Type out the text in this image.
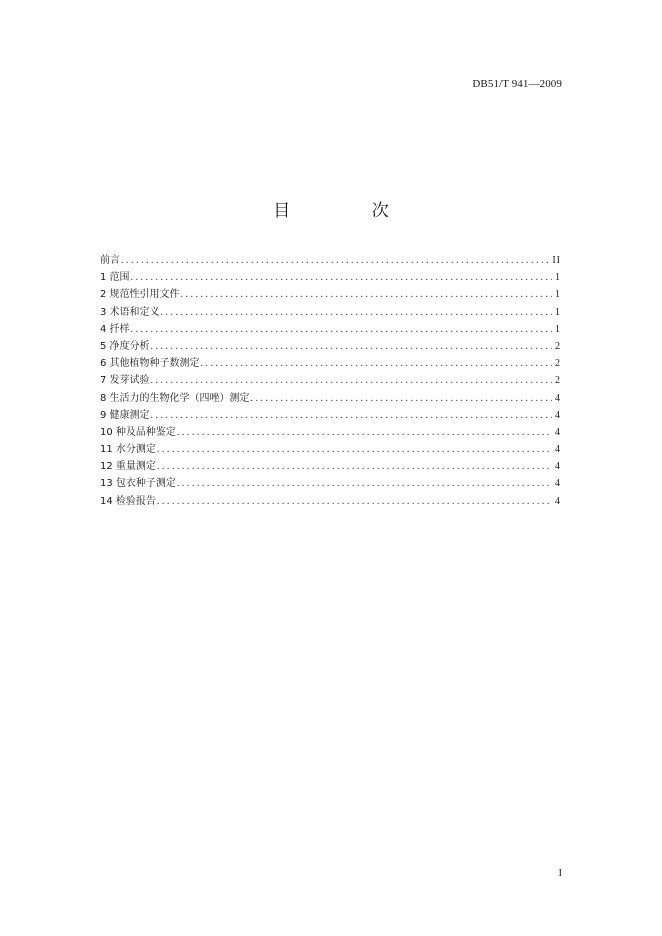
DB51/T 941—2009
目 次
前言 . . .	II
1 范围 . . .	1
2 规范性引用文件 . . .	1
3 术语和定义 . . .	1
4 扦样 . . .	1
5 净度分析 . . .	2
6 其他植物种子数测定 . . .	2
7 发芽试验 . . .	2
8 生活力的生物化学（四唑）测定 . . .	4
9 健康测定 . . .	4
10 种及品种鉴定 . . .	4
11 水分测定 . . .	4
12 重量测定 . . .	4
13 包衣种子测定 . . .	4
14 检验报告 . . .	4
I
